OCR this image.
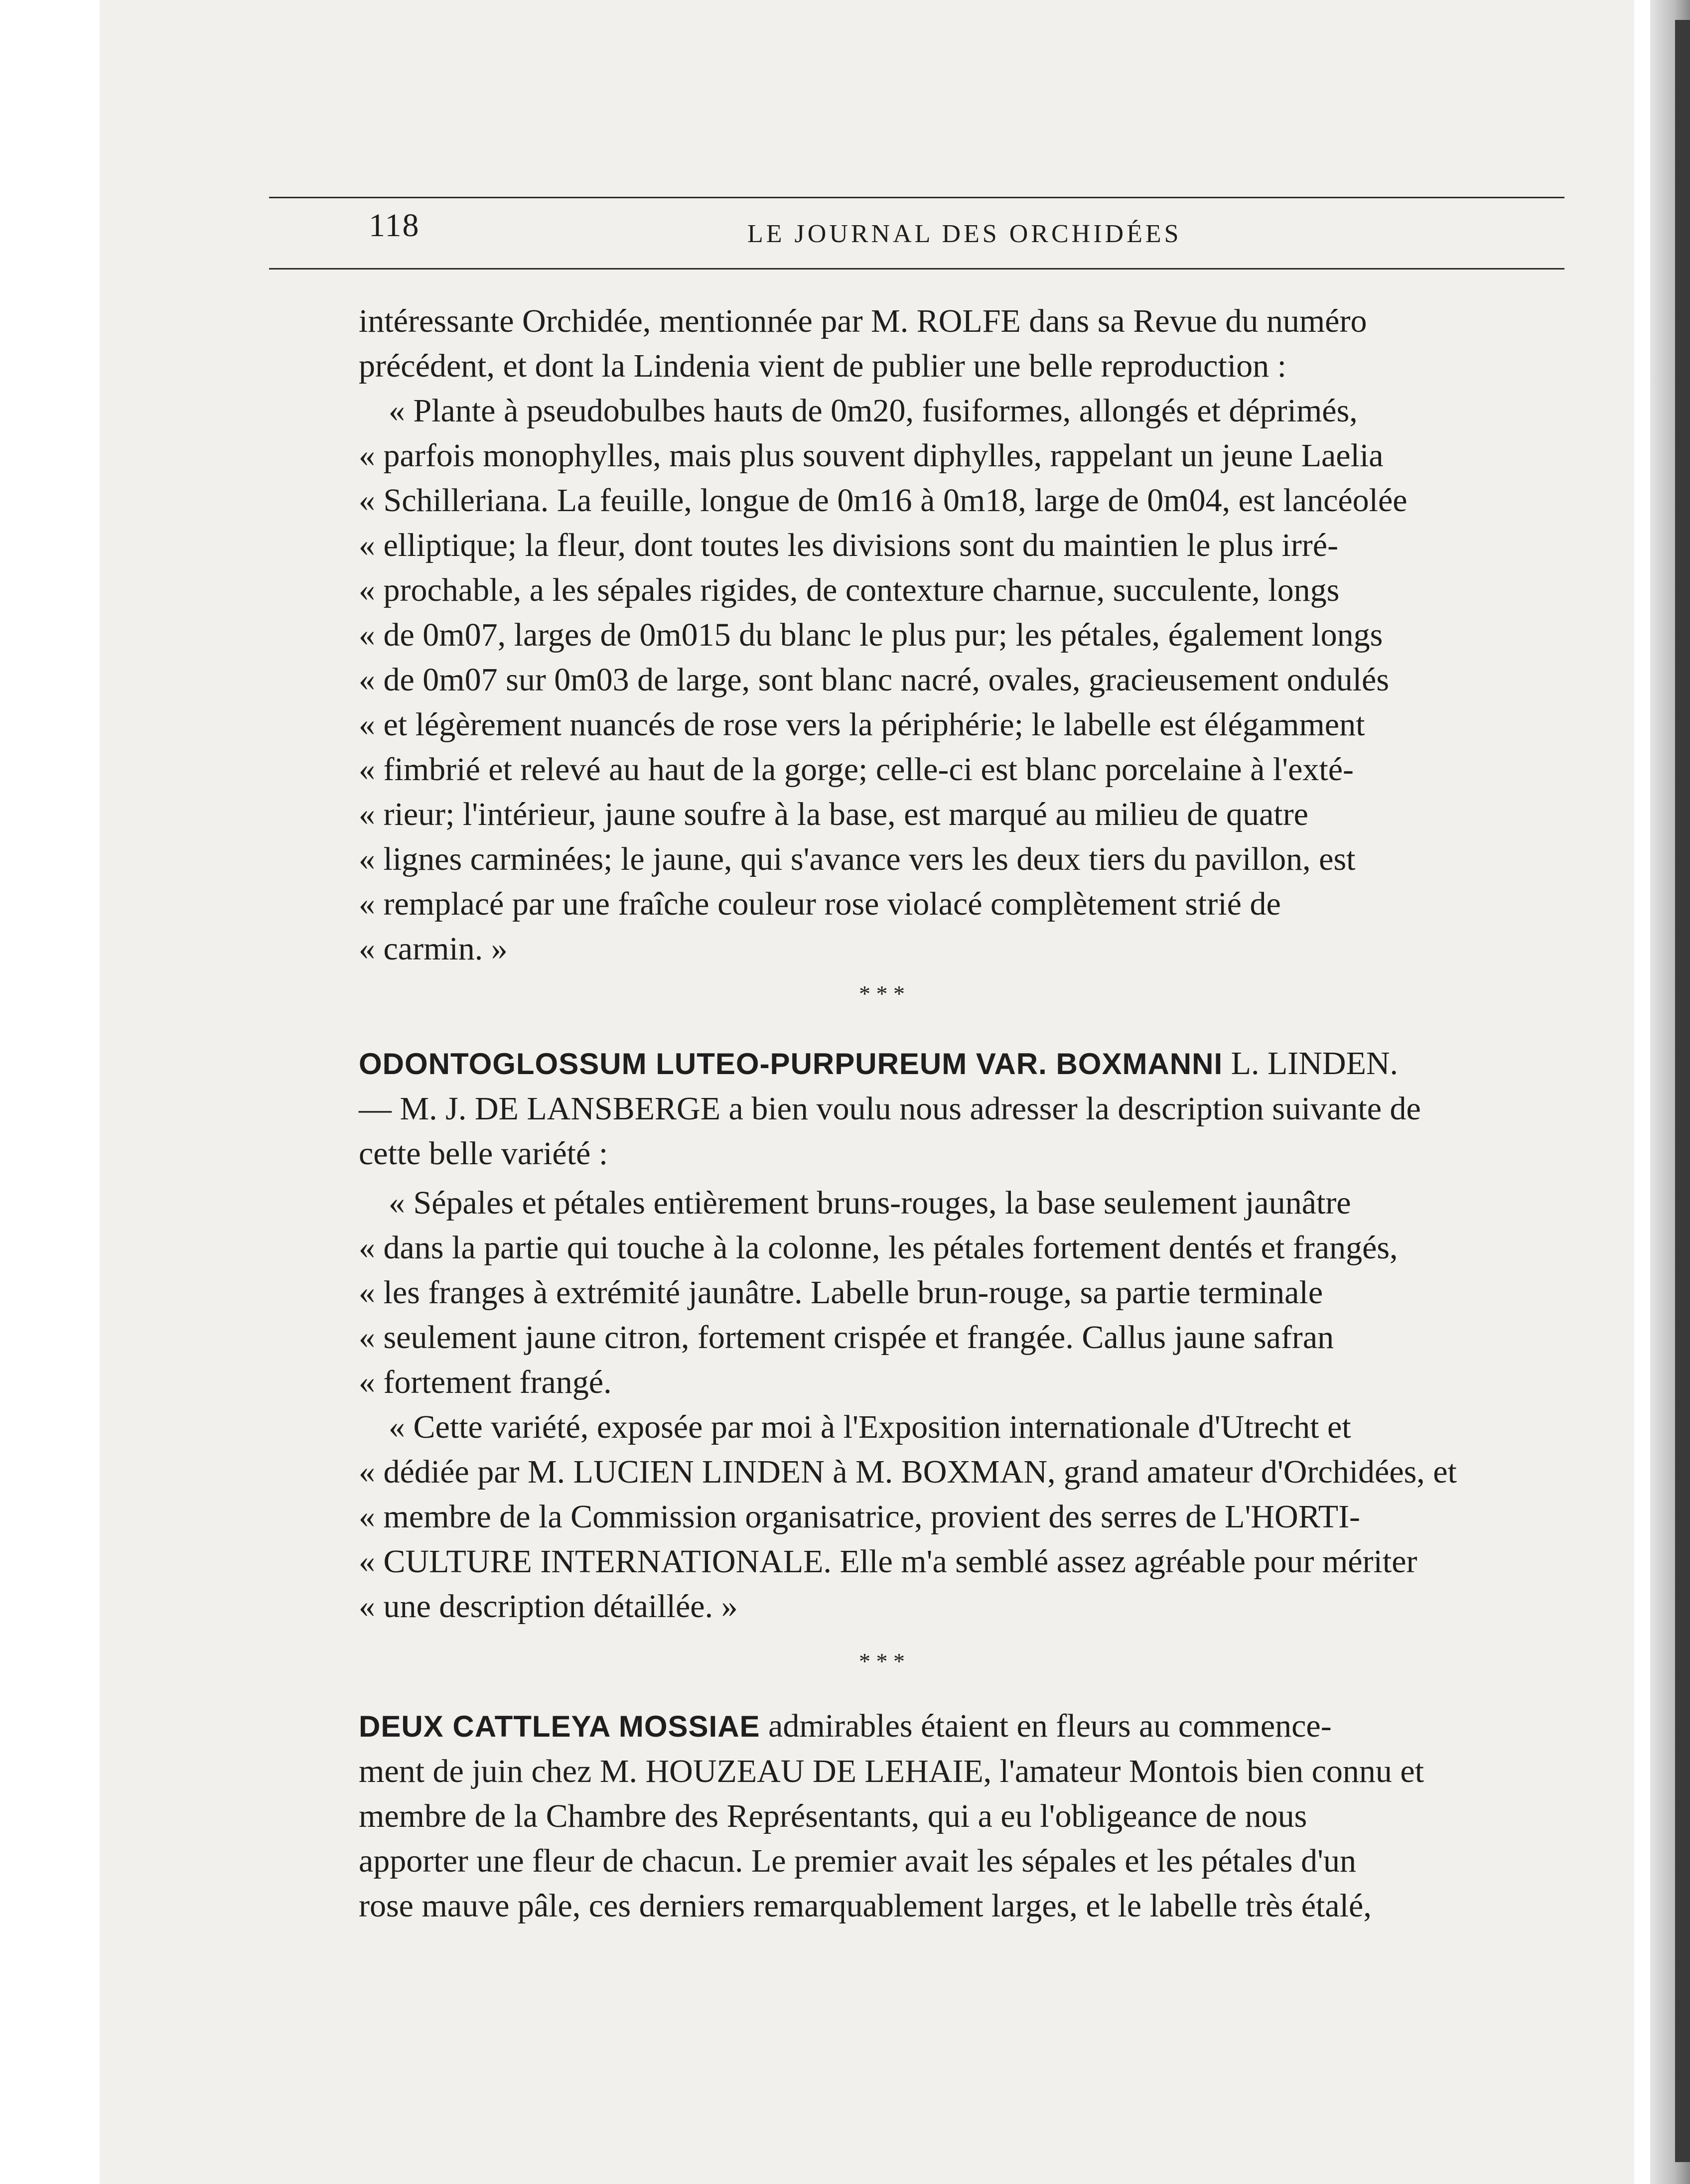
118	LE JOURNAL DES ORCHIDÉES
intéressante Orchidée, mentionnée par M. ROLFE dans sa Revue du numéro
précédent, et dont la Lindenia vient de publier une belle reproduction :
« Plante à pseudobulbes hauts de 0m20, fusiformes, allongés et déprimés,
« parfois monophylles, mais plus souvent diphylles, rappelant un jeune Laelia
« Schilleriana. La feuille, longue de 0m16 à 0m18, large de 0m04, est lancéolée
« elliptique; la fleur, dont toutes les divisions sont du maintien le plus irré-
« prochable, a les sépales rigides, de contexture charnue, succulente, longs
« de 0m07, larges de 0m015 du blanc le plus pur; les pétales, également longs
« de 0m07 sur 0m03 de large, sont blanc nacré, ovales, gracieusement ondulés
« et légèrement nuancés de rose vers la périphérie; le labelle est élégamment
« fimbrié et relevé au haut de la gorge; celle-ci est blanc porcelaine à l'exté-
« rieur; l'intérieur, jaune soufre à la base, est marqué au milieu de quatre
« lignes carminées; le jaune, qui s'avance vers les deux tiers du pavillon, est
« remplacé par une fraîche couleur rose violacé complètement strié de
« carmin. »
* * *
ODONTOGLOSSUM LUTEO-PURPUREUM VAR. BOXMANNI L. LINDEN.
— M. J. DE LANSBERGE a bien voulu nous adresser la description suivante de
cette belle variété :
« Sépales et pétales entièrement bruns-rouges, la base seulement jaunâtre
« dans la partie qui touche à la colonne, les pétales fortement dentés et frangés,
« les franges à extrémité jaunâtre. Labelle brun-rouge, sa partie terminale
« seulement jaune citron, fortement crispée et frangée. Callus jaune safran
« fortement frangé.
« Cette variété, exposée par moi à l'Exposition internationale d'Utrecht et
« dédiée par M. LUCIEN LINDEN à M. BOXMAN, grand amateur d'Orchidées, et
« membre de la Commission organisatrice, provient des serres de L'HORTI-
« CULTURE INTERNATIONALE. Elle m'a semblé assez agréable pour mériter
« une description détaillée. »
* * *
DEUX CATTLEYA MOSSIAE admirables étaient en fleurs au commence-
ment de juin chez M. HOUZEAU DE LEHAIE, l'amateur Montois bien connu et
membre de la Chambre des Représentants, qui a eu l'obligeance de nous
apporter une fleur de chacun. Le premier avait les sépales et les pétales d'un
rose mauve pâle, ces derniers remarquablement larges, et le labelle très étalé,
